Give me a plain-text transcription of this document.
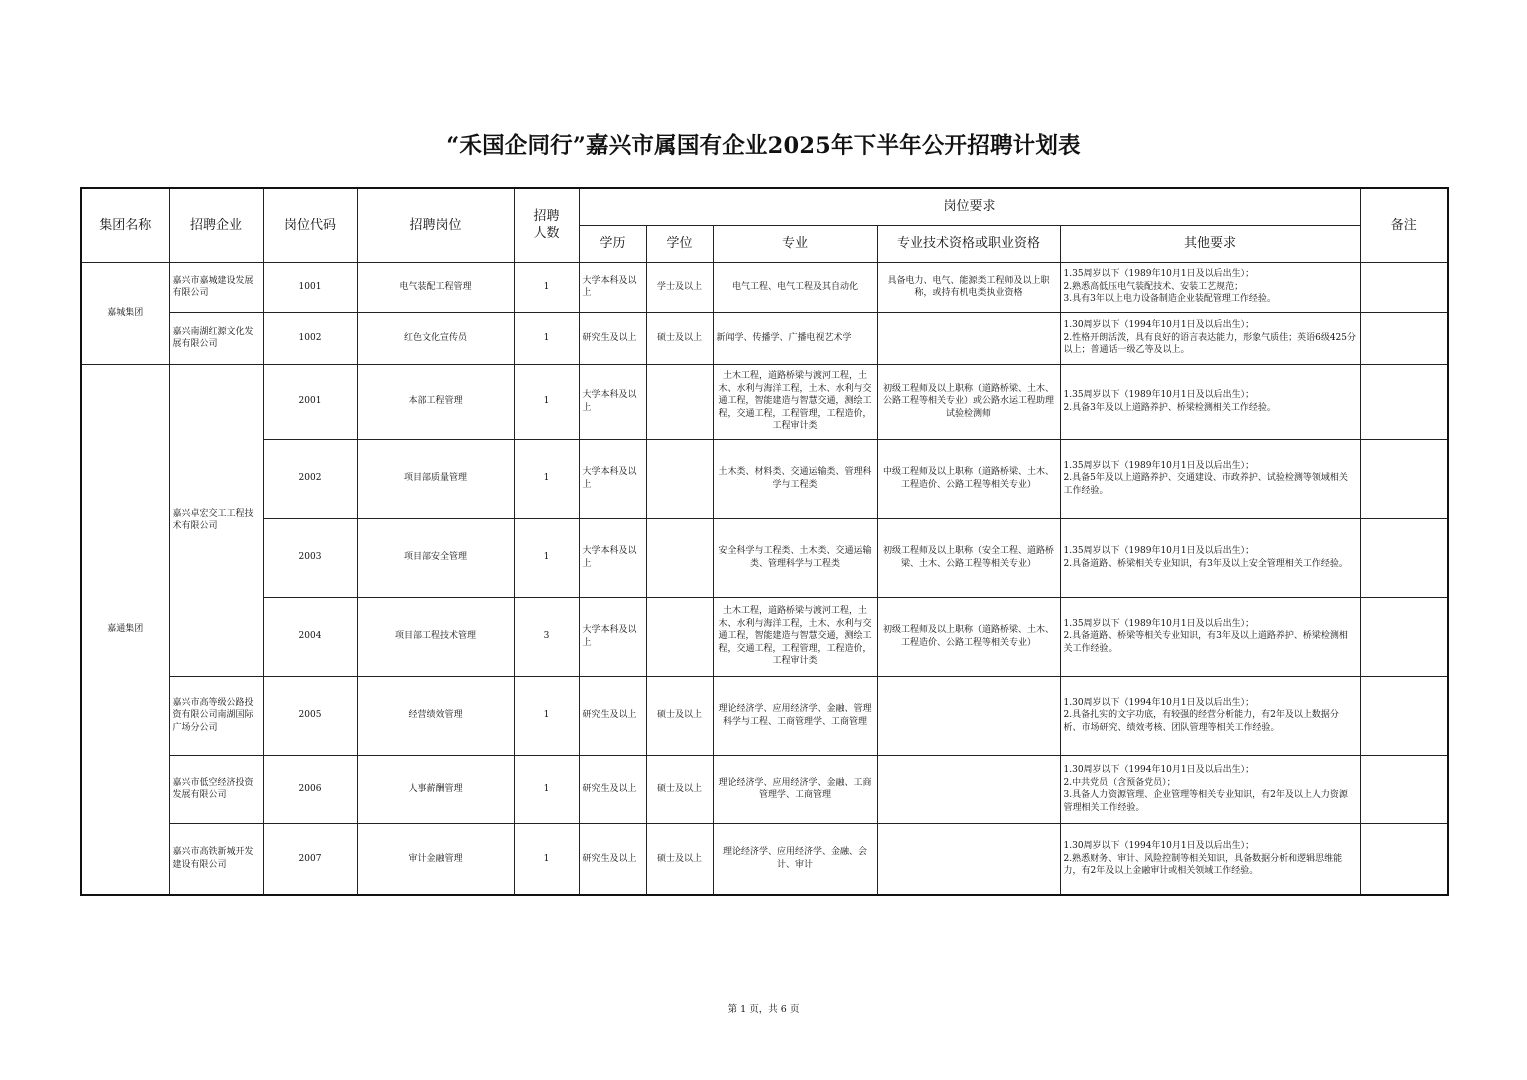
“禾国企同行”嘉兴市属国有企业2025年下半年公开招聘计划表
集团名称	招聘企业	岗位代码	招聘岗位	招聘人数	岗位要求					备注
					学历	学位	专业	专业技术资格或职业资格	其他要求	
嘉城集团	嘉兴市嘉城建设发展有限公司	1001	电气装配工程管理	1	大学本科及以上	学士及以上	电气工程、电气工程及其自动化	具备电力、电气、能源类工程师及以上职称，或持有机电类执业资格	1.35周岁以下（1989年10月1日及以后出生）；
2.熟悉高低压电气装配技术、安装工艺规范；
3.具有3年以上电力设备制造企业装配管理工作经验。	

	嘉兴南湖红源文化发展有限公司	1002	红色文化宣传员	1	研究生及以上	硕士及以上	新闻学、传播学、广播电视艺术学		1.30周岁以下（1994年10月1日及以后出生）；
2.性格开朗活泼，具有良好的语言表达能力，形象气质佳；英语6级425分以上；普通话一级乙等及以上。	

嘉通集团	嘉兴卓宏交工工程技术有限公司	2001	本部工程管理	1	大学本科及以上		土木工程，道路桥梁与渡河工程，土木、水利与海洋工程，土木、水利与交通工程，智能建造与智慧交通，测绘工程，交通工程，工程管理，工程造价，工程审计类	初级工程师及以上职称（道路桥梁、土木、公路工程等相关专业）或公路水运工程助理试验检测师	1.35周岁以下（1989年10月1日及以后出生）；
2.具备3年及以上道路养护、桥梁检测相关工作经验。	

		2002	项目部质量管理	1	大学本科及以上		土木类、材料类、交通运输类、管理科学与工程类	中级工程师及以上职称（道路桥梁、土木、工程造价、公路工程等相关专业）	1.35周岁以下（1989年10月1日及以后出生）；
2.具备5年及以上道路养护、交通建设、市政养护、试验检测等领域相关工作经验。	

		2003	项目部安全管理	1	大学本科及以上		安全科学与工程类、土木类、交通运输类、管理科学与工程类	初级工程师及以上职称（安全工程、道路桥梁、土木、公路工程等相关专业）	1.35周岁以下（1989年10月1日及以后出生）；
2.具备道路、桥梁相关专业知识，有3年及以上安全管理相关工作经验。	

		2004	项目部工程技术管理	3	大学本科及以上		土木工程，道路桥梁与渡河工程，土木、水利与海洋工程，土木、水利与交通工程，智能建造与智慧交通，测绘工程，交通工程，工程管理，工程造价，工程审计类	初级工程师及以上职称（道路桥梁、土木、工程造价、公路工程等相关专业）	1.35周岁以下（1989年10月1日及以后出生）；
2.具备道路、桥梁等相关专业知识，有3年及以上道路养护、桥梁检测相关工作经验。	

	嘉兴市高等级公路投资有限公司南湖国际广场分公司	2005	经营绩效管理	1	研究生及以上	硕士及以上	理论经济学、应用经济学、金融、管理科学与工程、工商管理学、工商管理		1.30周岁以下（1994年10月1日及以后出生）；
2.具备扎实的文字功底，有较强的经营分析能力，有2年及以上数据分析、市场研究、绩效考核、团队管理等相关工作经验。	

	嘉兴市低空经济投资发展有限公司	2006	人事薪酬管理	1	研究生及以上	硕士及以上	理论经济学、应用经济学、金融、工商管理学、工商管理		1.30周岁以下（1994年10月1日及以后出生）；
2.中共党员（含预备党员）；
3.具备人力资源管理、企业管理等相关专业知识，有2年及以上人力资源管理相关工作经验。	

	嘉兴市高铁新城开发建设有限公司	2007	审计金融管理	1	研究生及以上	硕士及以上	理论经济学、应用经济学、金融、会计、审计		1.30周岁以下（1994年10月1日及以后出生）；
2.熟悉财务、审计、风险控制等相关知识，具备数据分析和逻辑思维能力，有2年及以上金融审计或相关领域工作经验。	

第 1 页，共 6 页
